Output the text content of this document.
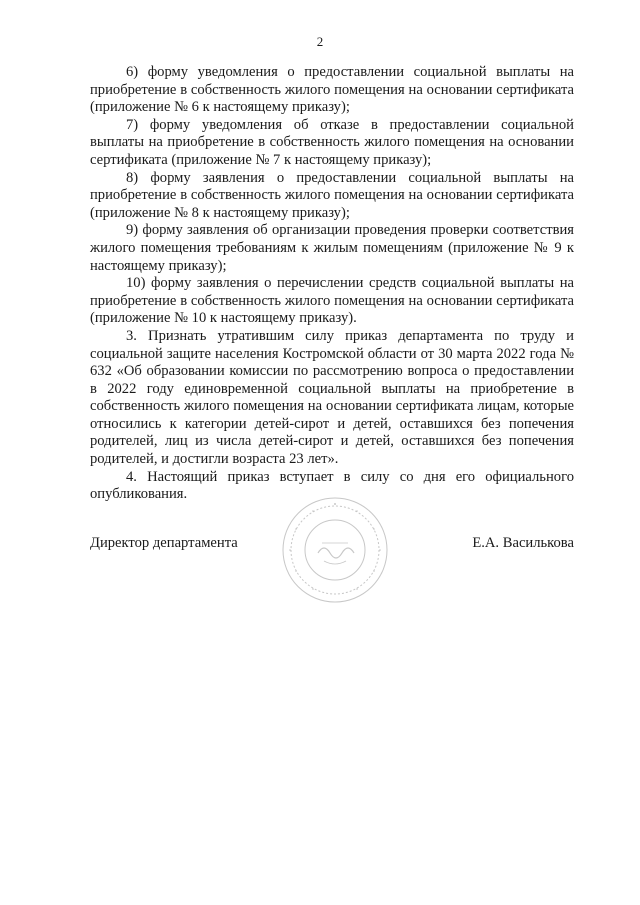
2

6) форму уведомления о предоставлении социальной выплаты на приобретение в собственность жилого помещения на основании сертификата (приложение № 6 к настоящему приказу);

7) форму уведомления об отказе в предоставлении социальной выплаты на приобретение в собственность жилого помещения на основании сертификата (приложение № 7 к настоящему приказу);

8) форму заявления о предоставлении социальной выплаты на приобретение в собственность жилого помещения на основании сертификата (приложение № 8 к настоящему приказу);

9) форму заявления об организации проведения проверки соответствия жилого помещения требованиям к жилым помещениям (приложение № 9 к настоящему приказу);

10) форму заявления о перечислении средств социальной выплаты на приобретение в собственность жилого помещения на основании сертификата (приложение № 10 к настоящему приказу).

3. Признать утратившим силу приказ департамента по труду и социальной защите населения Костромской области от 30 марта 2022 года № 632 «Об образовании комиссии по рассмотрению вопроса о предоставлении в 2022 году единовременной социальной выплаты на приобретение в собственность жилого помещения на основании сертификата лицам, которые относились к категории детей-сирот и детей, оставшихся без попечения родителей, лиц из числа детей-сирот и детей, оставшихся без попечения родителей, и достигли возраста 23 лет».

4. Настоящий приказ вступает в силу со дня его официального опубликования.

Директор департамента	Е.А. Василькова
